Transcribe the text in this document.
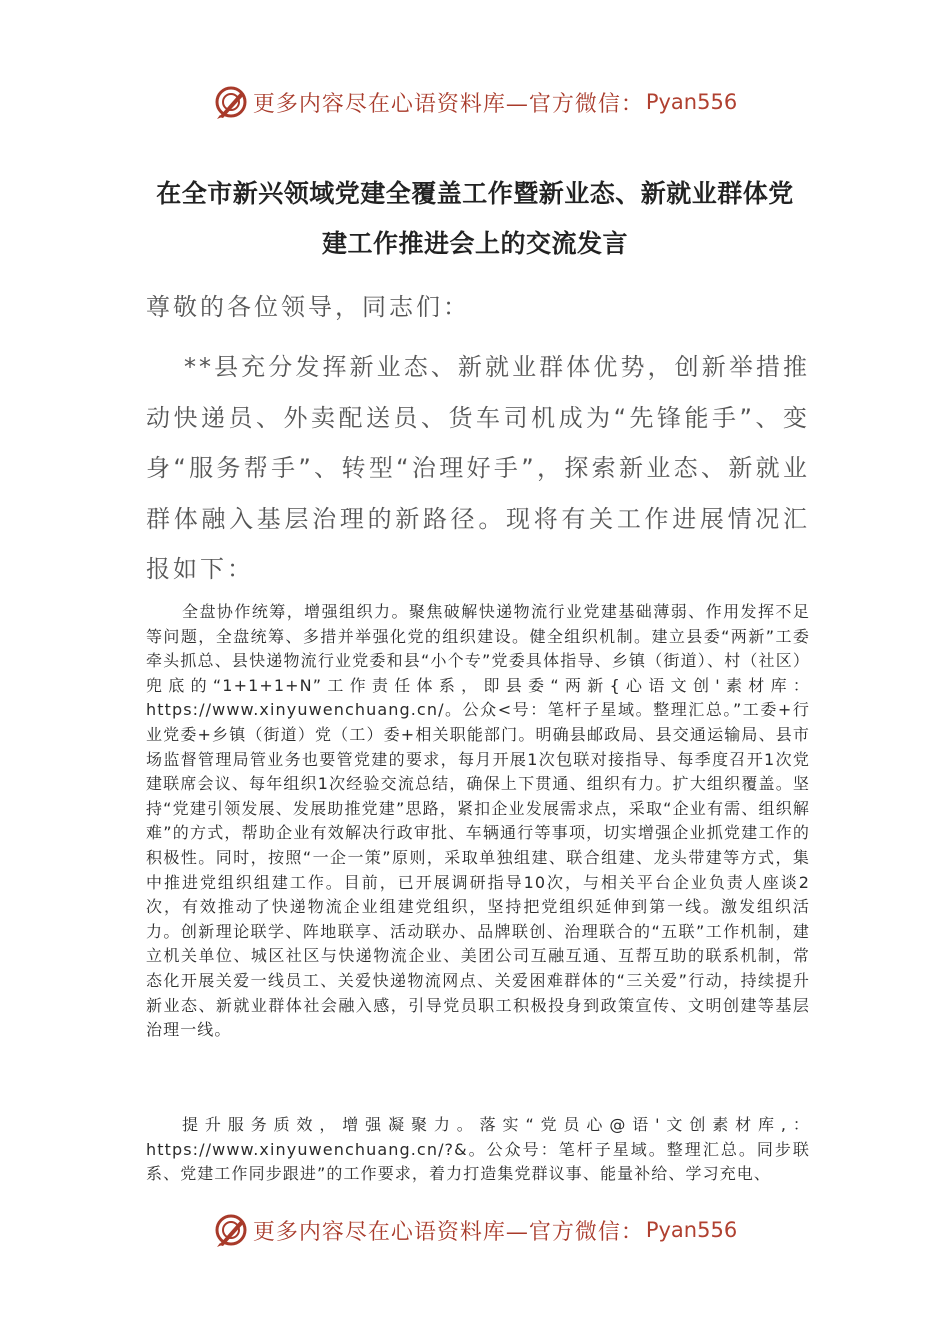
更多内容尽在心语资料库—官方微信： Pyan556
在全市新兴领域党建全覆盖工作暨新业态、新就业群体党
建工作推进会上的交流发言
尊敬的各位领导，同志们：
**县充分发挥新业态、新就业群体优势，创新举措推动快递员、外卖配送员、货车司机成为“先锋能手”、变身“服务帮手”、转型“治理好手”，探索新业态、新就业群体融入基层治理的新路径。现将有关工作进展情况汇报如下：

全盘协作统筹，增强组织力。聚焦破解快递物流行业党建基础薄弱、作用发挥不足等问题，全盘统筹、多措并举强化党的组织建设。健全组织机制。建立县委“两新”工委牵头抓总、县快递物流行业党委和县“小个专”党委具体指导、乡镇（街道）、村（社区）兜底的“1+1+1+N”工作责任体系，即县委“两新{心语文创'素材库：https://www.xinyuwenchuang.cn/。公众<号：笔杆子星域。整理汇总。”工委+行业党委+乡镇（街道）党（工）委+相关职能部门。明确县邮政局、县交通运输局、县市场监督管理局管业务也要管党建的要求，每月开展1次包联对接指导、每季度召开1次党建联席会议、每年组织1次经验交流总结，确保上下贯通、组织有力。扩大组织覆盖。坚持“党建引领发展、发展助推党建”思路，紧扣企业发展需求点，采取“企业有需、组织解难”的方式，帮助企业有效解决行政审批、车辆通行等事项，切实增强企业抓党建工作的积极性。同时，按照“一企一策”原则，采取单独组建、联合组建、龙头带建等方式，集中推进党组织组建工作。目前，已开展调研指导10次，与相关平台企业负责人座谈2次，有效推动了快递物流企业组建党组织，坚持把党组织延伸到第一线。激发组织活力。创新理论联学、阵地联享、活动联办、品牌联创、治理联合的“五联”工作机制，建立机关单位、城区社区与快递物流企业、美团公司互融互通、互帮互助的联系机制，常态化开展关爱一线员工、关爱快递物流网点、关爱困难群体的“三关爱”行动，持续提升新业态、新就业群体社会融入感，引导党员职工积极投身到政策宣传、文明创建等基层治理一线。

提升服务质效，增强凝聚力。落实“党员心@语'文创素材库,：https://www.xinyuwenchuang.cn/?&。公众号：笔杆子星域。整理汇总。同步联系、党建工作同步跟进”的工作要求，着力打造集党群议事、能量补给、学习充电、

更多内容尽在心语资料库—官方微信： Pyan556
